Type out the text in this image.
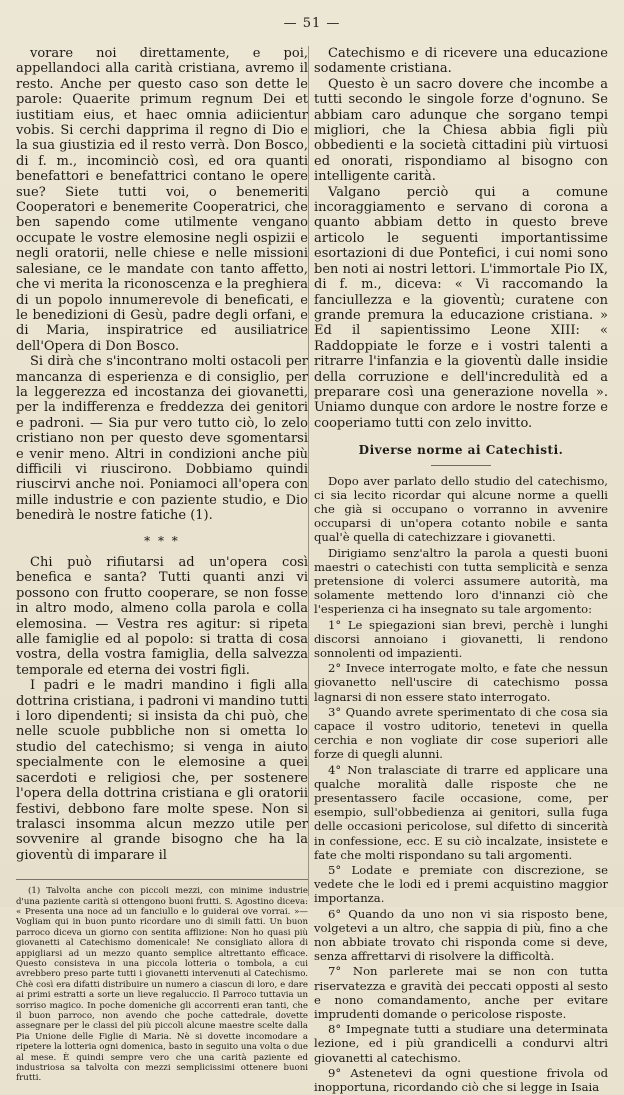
— 51 —

vorare noi direttamente, e poi, appellandoci alla carità cristiana, avremo il resto. Anche per questo caso son dette le parole: Quaerite primum regnum Dei et iustitiam eius, et haec omnia adiicientur vobis. Si cerchi dapprima il regno di Dio e la sua giustizia ed il resto verrà. Don Bosco, di f. m., incominciò così, ed ora quanti benefattori e benefattrici contano le opere sue? Siete tutti voi, o benemeriti Cooperatori e benemerite Cooperatrici, che ben sapendo come utilmente vengano occupate le vostre elemosine negli ospizii e negli oratorii, nelle chiese e nelle missioni salesiane, ce le mandate con tanto affetto, che vi merita la riconoscenza e la preghiera di un popolo innumerevole di beneficati, e le benedizioni di Gesù, padre degli orfani, e di Maria, inspiratrice ed ausiliatrice dell'Opera di Don Bosco.

Si dirà che s'incontrano molti ostacoli per mancanza di esperienza e di consiglio, per la leggerezza ed incostanza dei giovanetti, per la indifferenza e freddezza dei genitori e padroni. — Sia pur vero tutto ciò, lo zelo cristiano non per questo deve sgomentarsi e venir meno. Altri in condizioni anche più difficili vi riuscirono. Dobbiamo quindi riuscirvi anche noi. Poniamoci all'opera con mille industrie e con paziente studio, e Dio benedirà le nostre fatiche (1).

* * *

Chi può rifiutarsi ad un'opera così benefica e santa? Tutti quanti anzi vi possono con frutto cooperare, se non fosse in altro modo, almeno colla parola e colla elemosina. — Vestra res agitur: si ripeta alle famiglie ed al popolo: si tratta di cosa vostra, della vostra famiglia, della salvezza temporale ed eterna dei vostri figli.

I padri e le madri mandino i figli alla dottrina cristiana, i padroni vi mandino tutti i loro dipendenti; si insista da chi può, che nelle scuole pubbliche non si ometta lo studio del catechismo; si venga in aiuto specialmente con le elemosine a quei sacerdoti e religiosi che, per sostenere l'opera della dottrina cristiana e gli oratorii festivi, debbono fare molte spese. Non si tralasci insomma alcun mezzo utile per sovvenire al grande bisogno che ha la gioventù di imparare il

(1) Talvolta anche con piccoli mezzi, con minime industrie d'una paziente carità si ottengono buoni frutti. S. Agostino diceva: « Presenta una noce ad un fanciullo e lo guiderai ove vorrai. »— Vogliam qui in buon punto ricordare uno di simili fatti. Un buon parroco diceva un giorno con sentita afflizione: Non ho quasi più giovanetti al Catechismo domenicale! Ne consigliato allora di appigliarsi ad un mezzo quanto semplice altrettanto efficace. Questo consisteva in una piccola lotteria o tombola, a cui avrebbero preso parte tutti i giovanetti intervenuti al Catechismo. Chè così era difatti distribuire un numero a ciascun di loro, e dare ai primi estratti a sorte un lieve regaluccio. Il Parroco tuttavia un sorriso magico. In poche domeniche gli accorrenti eran tanti, che il buon parroco, non avendo che poche cattedrale, dovette assegnare per le classi del più piccoli alcune maestre scelte dalla Pia Unione delle Figlie di Maria. Nè si dovette incomodare a ripetere la lotteria ogni domenica, basto in seguito una volta o due al mese. È quindi sempre vero che una carità paziente ed industriosa sa talvolta con mezzi semplicissimi ottenere buoni frutti.

Catechismo e di ricevere una educazione sodamente cristiana.

Questo è un sacro dovere che incombe a tutti secondo le singole forze d'ognuno. Se abbiam caro adunque che sorgano tempi migliori, che la Chiesa abbia figli più obbedienti e la società cittadini più virtuosi ed onorati, rispondiamo al bisogno con intelligente carità.

Valgano perciò qui a comune incoraggiamento e servano di corona a quanto abbiam detto in questo breve articolo le seguenti importantissime esortazioni di due Pontefici, i cui nomi sono ben noti ai nostri lettori. L'immortale Pio IX, di f. m., diceva: « Vi raccomando la fanciullezza e la gioventù; curatene con grande premura la educazione cristiana. » Ed il sapientissimo Leone XIII: « Raddoppiate le forze e i vostri talenti a ritrarre l'infanzia e la gioventù dalle insidie della corruzione e dell'incredulità ed a preparare così una generazione novella ». Uniamo dunque con ardore le nostre forze e cooperiamo tutti con zelo invitto.

Diverse norme ai Catechisti.

Dopo aver parlato dello studio del catechismo, ci sia lecito ricordar qui alcune norme a quelli che già si occupano o vorranno in avvenire occuparsi di un'opera cotanto nobile e santa qual'è quella di catechizzare i giovanetti.

Dirigiamo senz'altro la parola a questi buoni maestri o catechisti con tutta semplicità e senza pretensione di volerci assumere autorità, ma solamente mettendo loro d'innanzi ciò che l'esperienza ci ha insegnato su tale argomento:

1° Le spiegazioni sian brevi, perchè i lunghi discorsi annoiano i giovanetti, li rendono sonnolenti od impazienti.

2° Invece interrogate molto, e fate che nessun giovanetto nell'uscire di catechismo possa lagnarsi di non essere stato interrogato.

3° Quando avrete sperimentato di che cosa sia capace il vostro uditorio, tenetevi in quella cerchia e non vogliate dir cose superiori alle forze di quegli alunni.

4° Non tralasciate di trarre ed applicare una qualche moralità dalle risposte che ne presentassero facile occasione, come, per esempio, sull'obbedienza ai genitori, sulla fuga delle occasioni pericolose, sul difetto di sincerità in confessione, ecc. E su ciò incalzate, insistete e fate che molti rispondano su tali argomenti.

5° Lodate e premiate con discrezione, se vedete che le lodi ed i premi acquistino maggior importanza.

6° Quando da uno non vi sia risposto bene, volgetevi a un altro, che sappia di più, fino a che non abbiate trovato chi risponda come si deve, senza affrettarvi di risolvere la difficoltà.

7° Non parlerete mai se non con tutta riservatezza e gravità dei peccati opposti al sesto e nono comandamento, anche per evitare imprudenti domande o pericolose risposte.

8° Impegnate tutti a studiare una determinata lezione, ed i più grandicelli a condurvi altri giovanetti al catechismo.

9° Astenetevi da ogni questione frivola od inopportuna, ricordando ciò che si legge in Isaia
